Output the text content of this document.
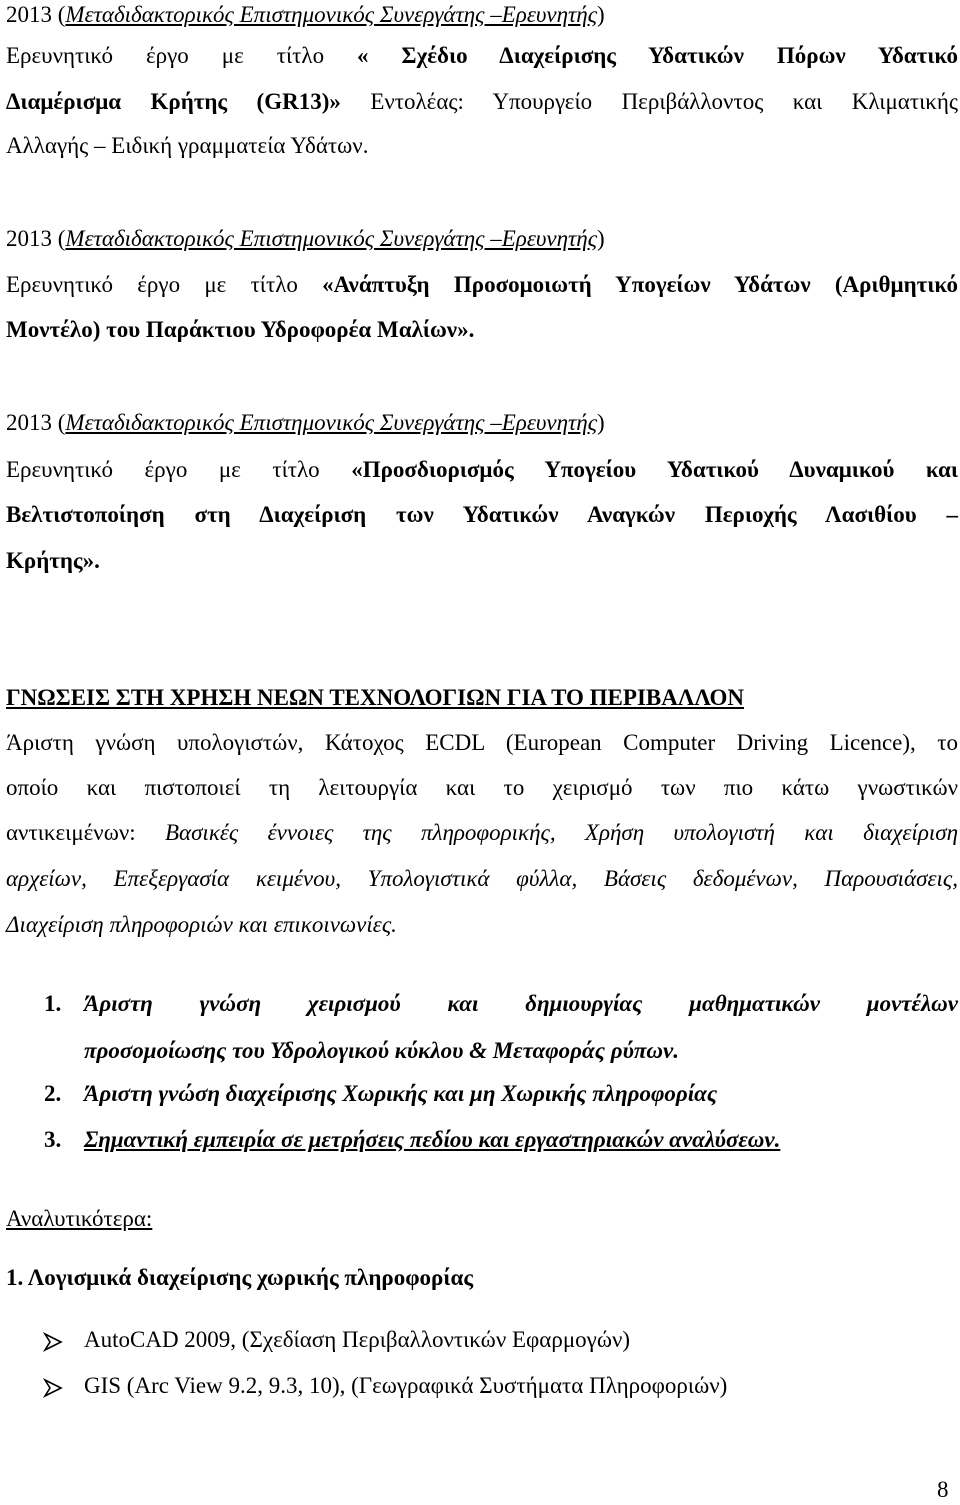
2013 (Μεταδιδακτορικός Επιστημονικός Συνεργάτης –Ερευνητής)
Ερευνητικό έργο με τίτλο « Σχέδιο Διαχείρισης Υδατικών Πόρων Υδατικό
Διαμέρισμα Κρήτης (GR13)» Εντολέας: Υπουργείο Περιβάλλοντος και Κλιματικής
Αλλαγής – Ειδική γραμματεία Υδάτων.
2013 (Μεταδιδακτορικός Επιστημονικός Συνεργάτης –Ερευνητής)
Ερευνητικό έργο με τίτλο «Ανάπτυξη Προσομοιωτή Υπογείων Υδάτων (Αριθμητικό
Μοντέλο) του Παράκτιου Υδροφορέα Μαλίων».
2013 (Μεταδιδακτορικός Επιστημονικός Συνεργάτης –Ερευνητής)
Ερευνητικό έργο με τίτλο «Προσδιορισμός Υπογείου Υδατικού Δυναμικού και
Βελτιστοποίηση στη Διαχείριση των Υδατικών Αναγκών Περιοχής Λασιθίου –
Κρήτης».
ΓΝΩΣΕΙΣ ΣΤΗ ΧΡΗΣΗ ΝΕΩΝ ΤΕΧΝΟΛΟΓΙΩΝ ΓΙΑ ΤΟ ΠΕΡΙΒΑΛΛΟΝ
Άριστη γνώση υπολογιστών, Κάτοχος ECDL (European Computer Driving Licence), το
οποίο και πιστοποιεί τη λειτουργία και το χειρισμό των πιο κάτω γνωστικών
αντικειμένων: Βασικές έννοιες της πληροφορικής, Χρήση υπολογιστή και διαχείριση
αρχείων, Επεξεργασία κειμένου, Υπολογιστικά φύλλα, Βάσεις δεδομένων, Παρουσιάσεις,
Διαχείριση πληροφοριών και επικοινωνίες.
1. Άριστη γνώση χειρισμού και δημιουργίας μαθηματικών μοντέλων
προσομοίωσης του Υδρολογικού κύκλου & Μεταφοράς ρύπων.
2. Άριστη γνώση διαχείρισης Χωρικής και μη Χωρικής πληροφορίας
3. Σημαντική εμπειρία σε μετρήσεις πεδίου και εργαστηριακών αναλύσεων.
Αναλυτικότερα:
1. Λογισμικά διαχείρισης χωρικής πληροφορίας
AutoCAD 2009, (Σχεδίαση Περιβαλλοντικών Εφαρμογών)
GIS (Arc View 9.2, 9.3, 10), (Γεωγραφικά Συστήματα Πληροφοριών)
8
